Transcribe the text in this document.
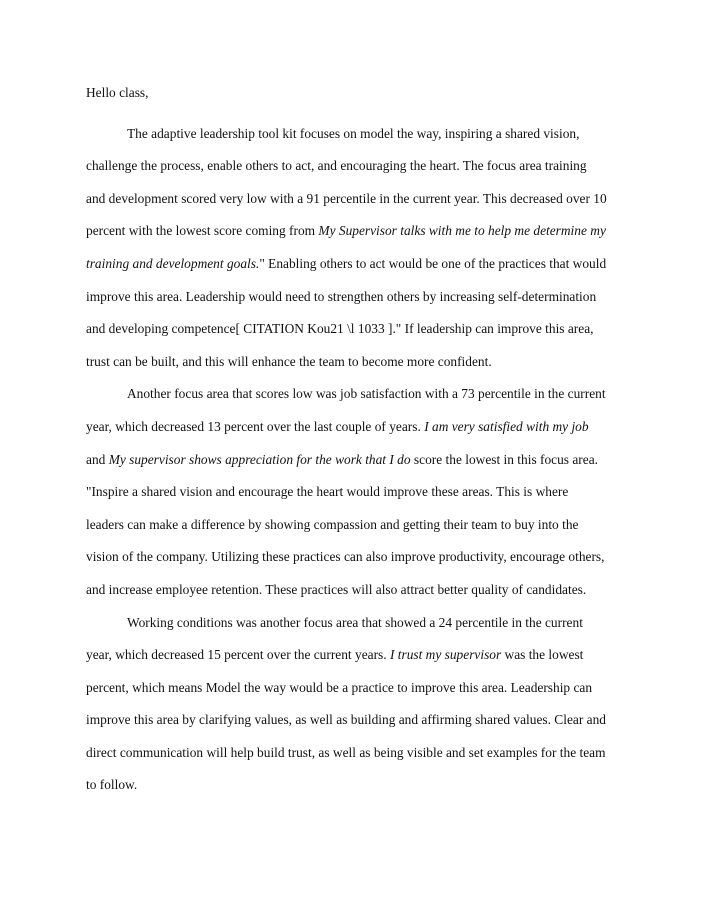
Hello class,
The adaptive leadership tool kit focuses on model the way, inspiring a shared vision,
challenge the process, enable others to act, and encouraging the heart. The focus area training
and development scored very low with a 91 percentile in the current year. This decreased over 10
percent with the lowest score coming from My Supervisor talks with me to help me determine my
training and development goals." Enabling others to act would be one of the practices that would
improve this area. Leadership would need to strengthen others by increasing self-determination
and developing competence[ CITATION Kou21 \l 1033 ]." If leadership can improve this area,
trust can be built, and this will enhance the team to become more confident.
Another focus area that scores low was job satisfaction with a 73 percentile in the current
year, which decreased 13 percent over the last couple of years. I am very satisfied with my job
and My supervisor shows appreciation for the work that I do score the lowest in this focus area.
"Inspire a shared vision and encourage the heart would improve these areas. This is where
leaders can make a difference by showing compassion and getting their team to buy into the
vision of the company. Utilizing these practices can also improve productivity, encourage others,
and increase employee retention. These practices will also attract better quality of candidates.
Working conditions was another focus area that showed a 24 percentile in the current
year, which decreased 15 percent over the current years. I trust my supervisor was the lowest
percent, which means Model the way would be a practice to improve this area. Leadership can
improve this area by clarifying values, as well as building and affirming shared values. Clear and
direct communication will help build trust, as well as being visible and set examples for the team
to follow.
